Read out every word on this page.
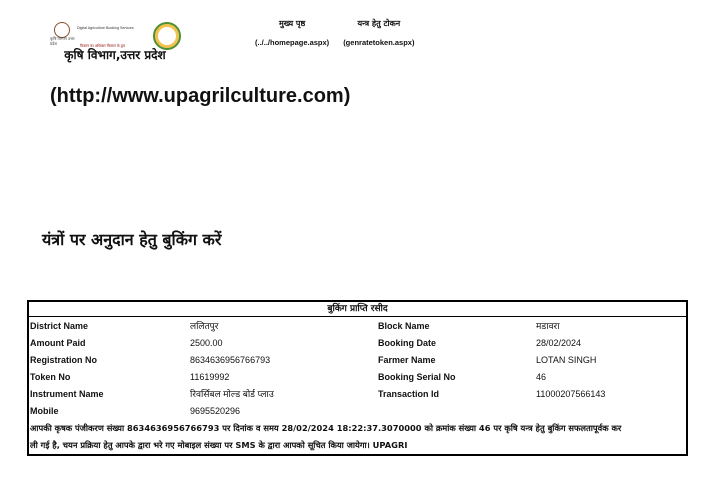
Digital Agriculture Booking Services
कृषि विभाग उत्तर प्रदेश	किसान का अधिकार किसान के द्वार
कृषि विभाग,उत्तर प्रदेश
(http://www.upagrilculture.com)
मुख्य पृष्ठ
(../../homepage.aspx)
यन्त्र हेतु टोकन
(genratetoken.aspx)
यंत्रों पर अनुदान हेतु बुकिंग करें
बुकिंग प्राप्ति रसीद
District Name	ललितपुर	Block Name	मडावरा
Amount Paid	2500.00	Booking Date	28/02/2024
Registration No	8634636956766793	Farmer Name	LOTAN SINGH
Token No	11619992	Booking Serial No	46
Instrument Name	रिवर्सिबल मोल्ड बोर्ड प्लाउ	Transaction Id	11000207566143
Mobile	9695520296
आपकी कृषक पंजीकरण संख्या 8634636956766793 पर दिनांक व समय 28/02/2024 18:22:37.3070000 को क्रमांक संख्या 46 पर कृषि यन्त्र हेतु बुकिंग सफलतापूर्वक कर
ली गई है, चयन प्रक्रिया हेतु आपके द्वारा भरे गए मोबाइल संख्या पर SMS के द्वारा आपको सूचित किया जायेगा। UPAGRI
